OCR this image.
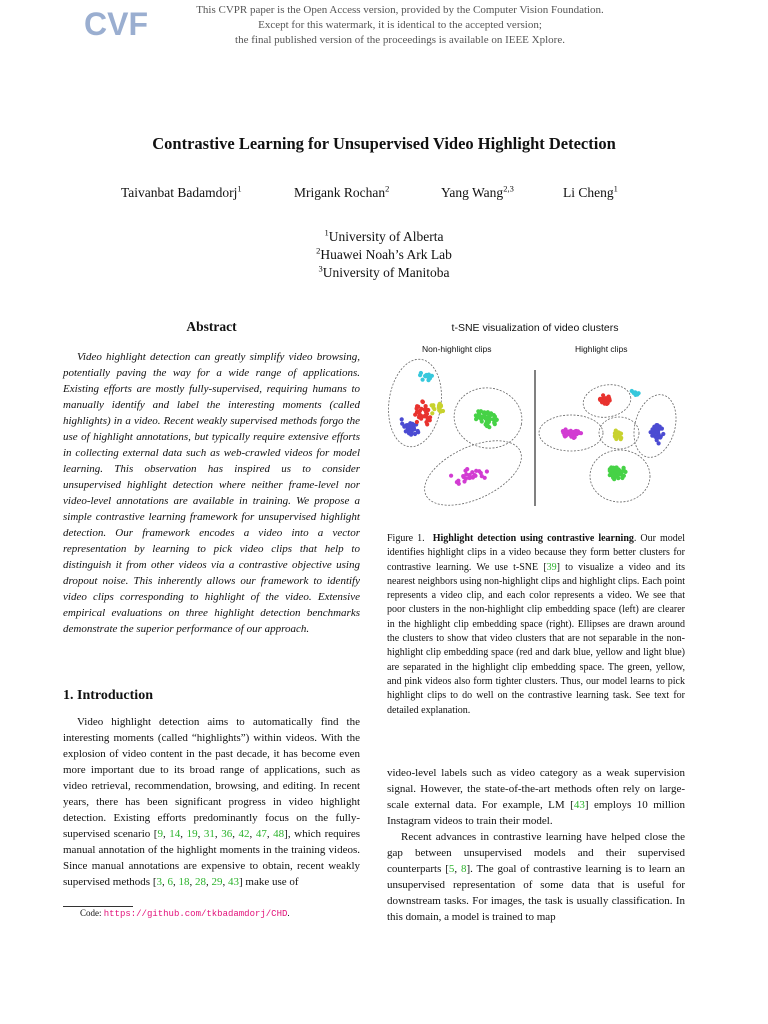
CVF	This CVPR paper is the Open Access version, provided by the Computer Vision Foundation.
Except for this watermark, it is identical to the accepted version;
the final published version of the proceedings is available on IEEE Xplore.
Contrastive Learning for Unsupervised Video Highlight Detection
Taivanbat Badamdorj$^1$	Mrigank Rochan$^2$	Yang Wang$^{2,3}$	Li Cheng$^1$
$^1$University of Alberta
$^2$Huawei Noah’s Ark Lab
$^3$University of Manitoba
Abstract
Video highlight detection can greatly simplify video browsing, potentially paving the way for a wide range of applications. Existing efforts are mostly fully-supervised, requiring humans to manually identify and label the interesting moments (called highlights) in a video. Recent weakly supervised methods forgo the use of highlight annotations, but typically require extensive efforts in collecting external data such as web-crawled videos for model learning. This observation has inspired us to consider unsupervised highlight detection where neither frame-level nor video-level annotations are available in training. We propose a simple contrastive learning framework for unsupervised highlight detection. Our framework encodes a video into a vector representation by learning to pick video clips that help to distinguish it from other videos via a contrastive objective using dropout noise. This inherently allows our framework to identify video clips corresponding to highlight of the video. Extensive empirical evaluations on three highlight detection benchmarks demonstrate the superior performance of our approach.
1. Introduction
Video highlight detection aims to automatically find the interesting moments (called “highlights”) within videos. With the explosion of video content in the past decade, it has become even more important due to its broad range of applications, such as video retrieval, recommendation, browsing, and editing. In recent years, there has been significant progress in video highlight detection. Existing efforts predominantly focus on the fully-supervised scenario [9, 14, 19, 31, 36, 42, 47, 48], which requires manual annotation of the highlight moments in the training videos. Since manual annotations are expensive to obtain, recent weakly supervised methods [3, 6, 18, 28, 29, 43] make use of
Code: https://github.com/tkbadamdorj/CHD.
t-SNE visualization of video clusters
Non-highlight clips	Highlight clips
Figure 1. Highlight detection using contrastive learning. Our model identifies highlight clips in a video because they form better clusters for contrastive learning. We use t-SNE [39] to visualize a video and its nearest neighbors using non-highlight clips and highlight clips. Each point represents a video clip, and each color represents a video. We see that poor clusters in the non-highlight clip embedding space (left) are clearer in the highlight clip embedding space (right). Ellipses are drawn around the clusters to show that video clusters that are not separable in the non-highlight clip embedding space (red and dark blue, yellow and light blue) are separated in the highlight clip embedding space. The green, yellow, and pink videos also form tighter clusters. Thus, our model learns to pick highlight clips to do well on the contrastive learning task. See text for detailed explanation.

video-level labels such as video category as a weak supervision signal. However, the state-of-the-art methods often rely on large-scale external data. For example, LM [43] employs 10 million Instagram videos to train their model.

Recent advances in contrastive learning have helped close the gap between unsupervised models and their supervised counterparts [5, 8]. The goal of contrastive learning is to learn an unsupervised representation of some data that is useful for downstream tasks. For images, the task is usually classification. In this domain, a model is trained to map
